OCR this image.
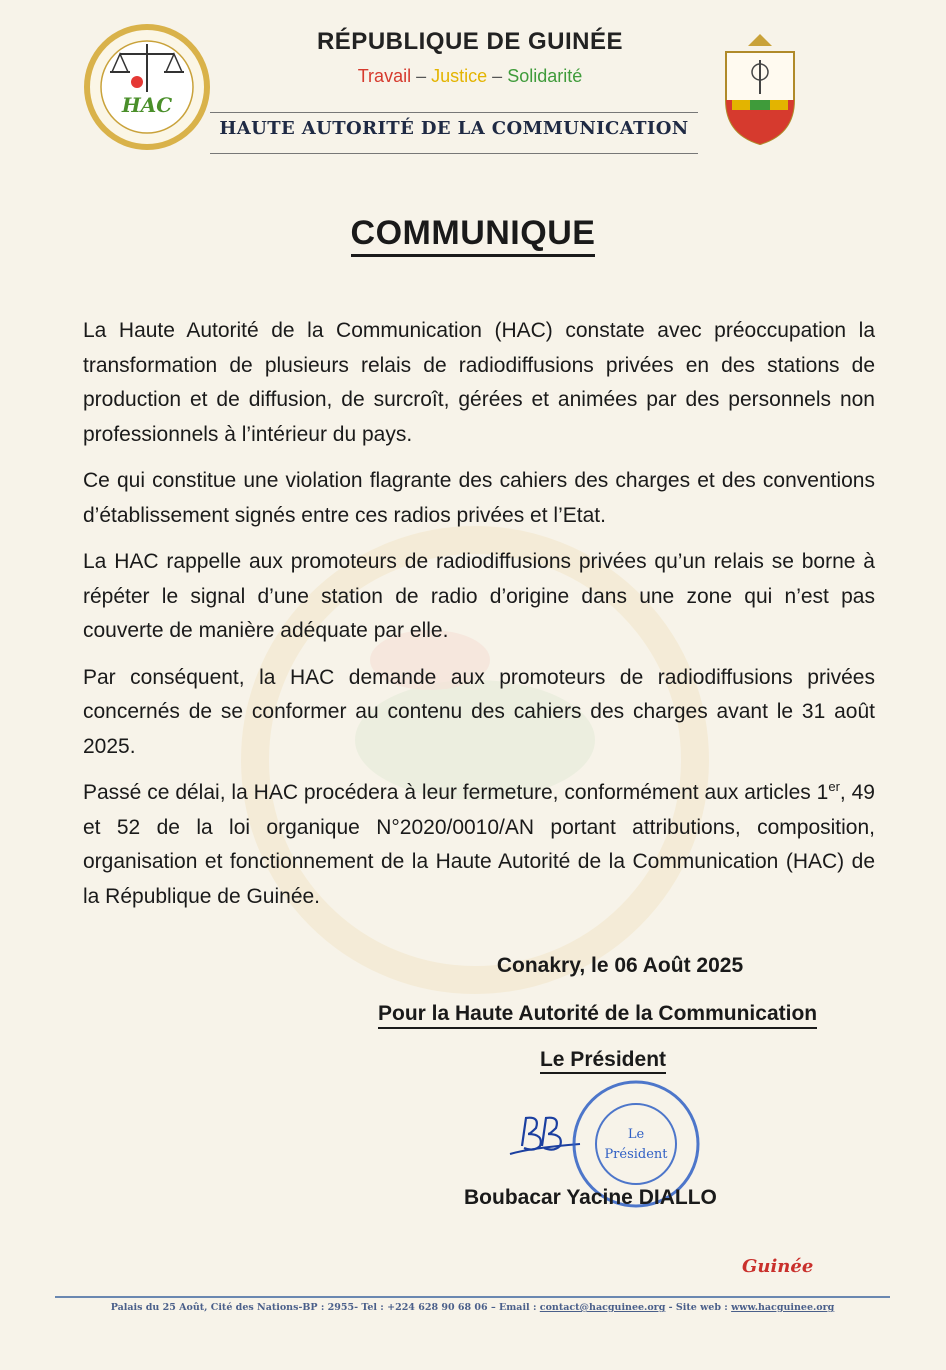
HAC
RÉPUBLIQUE DE GUINÉE
Travail – Justice – Solidarité
HAUTE AUTORITÉ DE LA COMMUNICATION
COMMUNIQUE

La Haute Autorité de la Communication (HAC) constate avec préoccupation la transformation de plusieurs relais de radiodiffusions privées en des stations de production et de diffusion, de surcroît, gérées et animées par des personnels non professionnels à l’intérieur du pays.

Ce qui constitue une violation flagrante des cahiers des charges et des conventions d’établissement signés entre ces radios privées et l’Etat.

La HAC rappelle aux promoteurs de radiodiffusions privées qu’un relais se borne à répéter le signal d’une station de radio d’origine dans une zone qui n’est pas couverte de manière adéquate par elle.

Par conséquent, la HAC demande aux promoteurs de radiodiffusions privées concernés de se conformer au contenu des cahiers des charges avant le 31 août 2025.

Passé ce délai, la HAC procédera à leur fermeture, conformément aux articles 1er, 49 et 52 de la loi organique N°2020/0010/AN portant attributions, composition, organisation et fonctionnement de la Haute Autorité de la Communication (HAC) de la République de Guinée.

Conakry, le 06 Août 2025
Pour la Haute Autorité de la Communication
Le Président
Le
Président
Boubacar Yacine DIALLO
Guinée
Palais du 25 Août, Cité des Nations-BP : 2955- Tel : +224 628 90 68 06 – Email : contact@hacguinee.org - Site web : www.hacguinee.org
